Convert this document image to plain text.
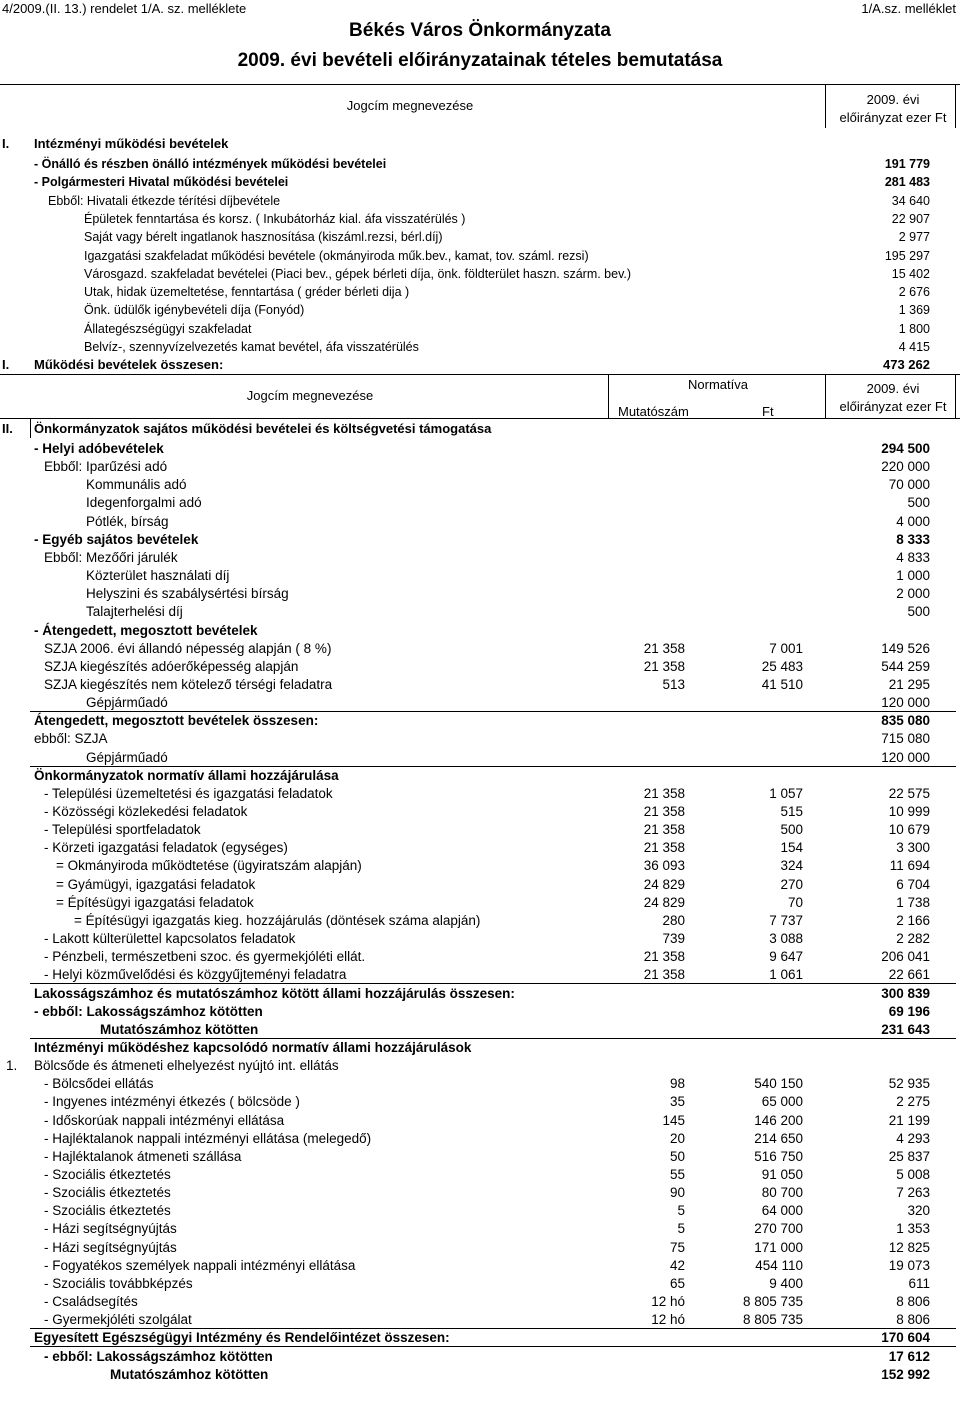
4/2009.(II. 13.) rendelet 1/A. sz. melléklete	1/A.sz. melléklet
Békés Város Önkormányzata
2009. évi bevételi előirányzatainak tételes bemutatása
Jogcím megnevezése	2009. évi
előirányzat ezer Ft
I. Intézményi működési bevételek
- Önálló és részben önálló intézmények működési bevételei	191 779
- Polgármesteri Hivatal működési bevételei	281 483
Ebből: Hivatali étkezde térítési díjbevétele	34 640
Épületek fenntartása és korsz. ( Inkubátorház kial. áfa visszatérülés )	22 907
Saját vagy bérelt ingatlanok hasznosítása (kiszáml.rezsi, bérl.díj)	2 977
Igazgatási szakfeladat működési bevétele (okmányiroda műk.bev., kamat, tov. száml. rezsi)	195 297
Városgazd. szakfeladat bevételei (Piaci bev., gépek bérleti díja, önk. földterület haszn. szárm. bev.)	15 402
Utak, hidak üzemeltetése, fenntartása ( gréder bérleti dija )	2 676
Önk. üdülők igénybevételi díja (Fonyód)	1 369
Állategészségügyi szakfeladat	1 800
Belvíz-, szennyvízelvezetés kamat bevétel, áfa visszatérülés	4 415
I. Működési bevételek összesen:	473 262
Jogcím megnevezése
Normatíva
Mutatószám	Ft
2009. évi
előirányzat ezer Ft
II. Önkormányzatok sajátos működési bevételei és költségvetési támogatása
- Helyi adóbevételek	294 500
Ebből: Iparűzési adó	220 000
Kommunális adó	70 000
Idegenforgalmi adó	500
Pótlék, bírság	4 000
- Egyéb sajátos bevételek	8 333
Ebből: Mezőőri járulék	4 833
Közterület használati díj	1 000
Helyszini és szabálysértési bírság	2 000
Talajterhelési díj	500
- Átengedett, megosztott bevételek
SZJA 2006. évi állandó népesség alapján ( 8 %)	21 358	7 001	149 526
SZJA kiegészítés adóerőképesség alapján	21 358	25 483	544 259
SZJA kiegészítés nem kötelező térségi feladatra	513	41 510	21 295
Gépjárműadó	120 000
Átengedett, megosztott bevételek összesen:	835 080
ebből: SZJA	715 080
Gépjárműadó	120 000
Önkormányzatok normatív állami hozzájárulása
- Települési üzemeltetési és igazgatási feladatok	21 358	1 057	22 575
- Közösségi közlekedési feladatok	21 358	515	10 999
- Települési sportfeladatok	21 358	500	10 679
- Körzeti igazgatási feladatok (egységes)	21 358	154	3 300
= Okmányiroda működtetése (ügyiratszám alapján)	36 093	324	11 694
= Gyámügyi, igazgatási feladatok	24 829	270	6 704
= Építésügyi igazgatási feladatok	24 829	70	1 738
= Építésügyi igazgatás kieg. hozzájárulás (döntések száma alapján)	280	7 737	2 166
- Lakott külterülettel kapcsolatos feladatok	739	3 088	2 282
- Pénzbeli, természetbeni szoc. és gyermekjóléti ellát.	21 358	9 647	206 041
- Helyi közművelődési és közgyűjteményi feladatra	21 358	1 061	22 661
Lakosságszámhoz és mutatószámhoz kötött állami hozzájárulás összesen:	300 839
- ebből: Lakosságszámhoz kötötten	69 196
Mutatószámhoz kötötten	231 643
Intézményi működéshez kapcsolódó normatív állami hozzájárulások
1. Bölcsőde és átmeneti elhelyezést nyújtó int. ellátás
- Bölcsődei ellátás	98	540 150	52 935
- Ingyenes intézményi étkezés ( bölcsöde )	35	65 000	2 275
- Időskorúak nappali intézményi ellátása	145	146 200	21 199
- Hajléktalanok nappali intézményi ellátása (melegedő)	20	214 650	4 293
- Hajléktalanok átmeneti szállása	50	516 750	25 837
- Szociális étkeztetés	55	91 050	5 008
- Szociális étkeztetés	90	80 700	7 263
- Szociális étkeztetés	5	64 000	320
- Házi segítségnyújtás	5	270 700	1 353
- Házi segítségnyújtás	75	171 000	12 825
- Fogyatékos személyek nappali intézményi ellátása	42	454 110	19 073
- Szociális továbbképzés	65	9 400	611
- Családsegítés	12 hó	8 805 735	8 806
- Gyermekjóléti szolgálat	12 hó	8 805 735	8 806
Egyesített Egészségügyi Intézmény és Rendelőintézet összesen:	170 604
- ebből: Lakosságszámhoz kötötten	17 612
Mutatószámhoz kötötten	152 992
